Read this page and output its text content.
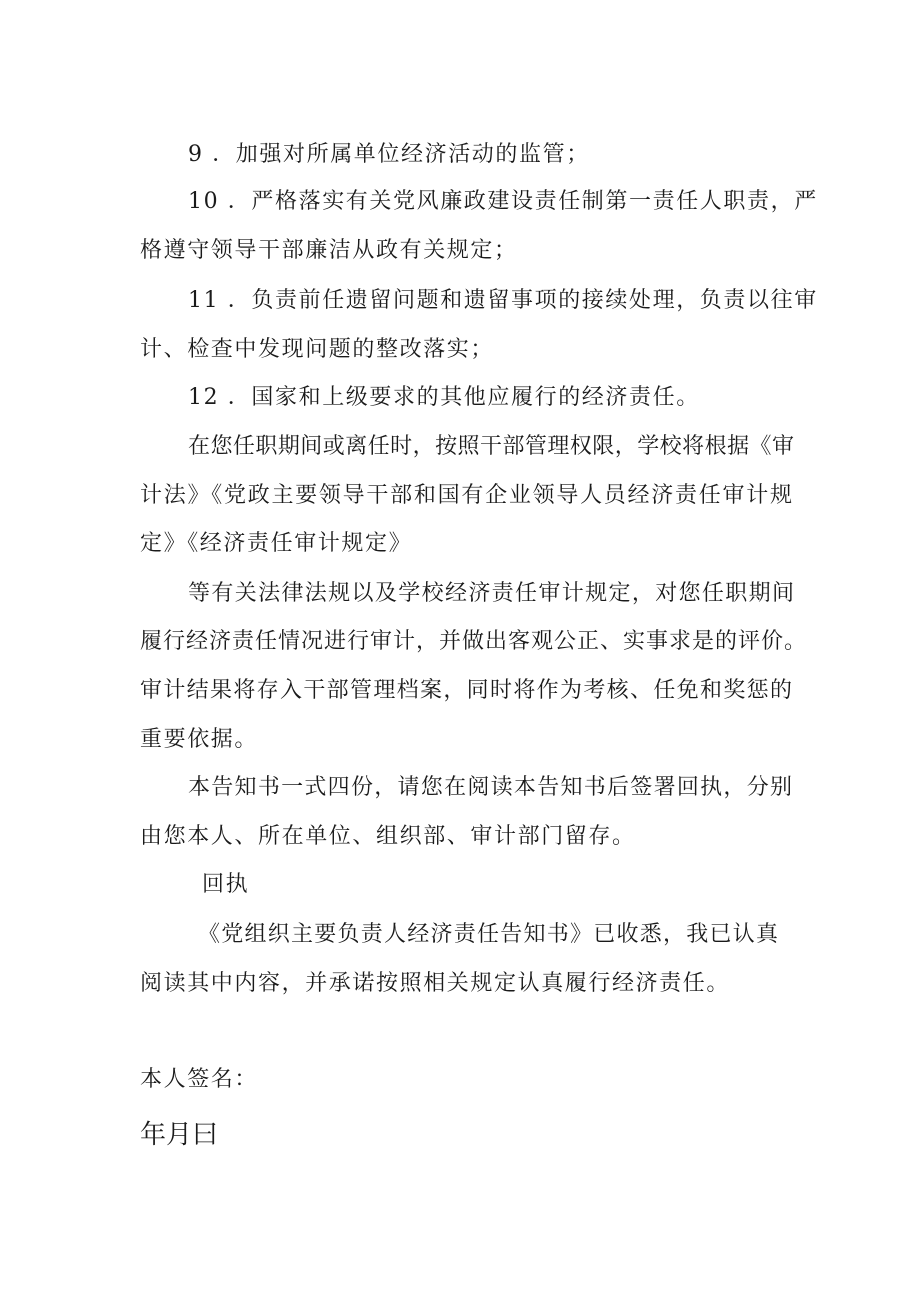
9 ．加强对所属单位经济活动的监管；
10 ．严格落实有关党风廉政建设责任制第一责任人职责，严
格遵守领导干部廉洁从政有关规定；
11 ．负责前任遗留问题和遗留事项的接续处理，负责以往审
计、检查中发现问题的整改落实；
12 ．国家和上级要求的其他应履行的经济责任。
在您任职期间或离任时，按照干部管理权限，学校将根据《审
计法》《党政主要领导干部和国有企业领导人员经济责任审计规
定》《经济责任审计规定》
等有关法律法规以及学校经济责任审计规定，对您任职期间
履行经济责任情况进行审计，并做出客观公正、实事求是的评价。
审计结果将存入干部管理档案，同时将作为考核、任免和奖惩的
重要依据。
本告知书一式四份，请您在阅读本告知书后签署回执，分别
由您本人、所在单位、组织部、审计部门留存。
回执
《党组织主要负责人经济责任告知书》已收悉，我已认真
阅读其中内容，并承诺按照相关规定认真履行经济责任。
本人签名：
年月曰
